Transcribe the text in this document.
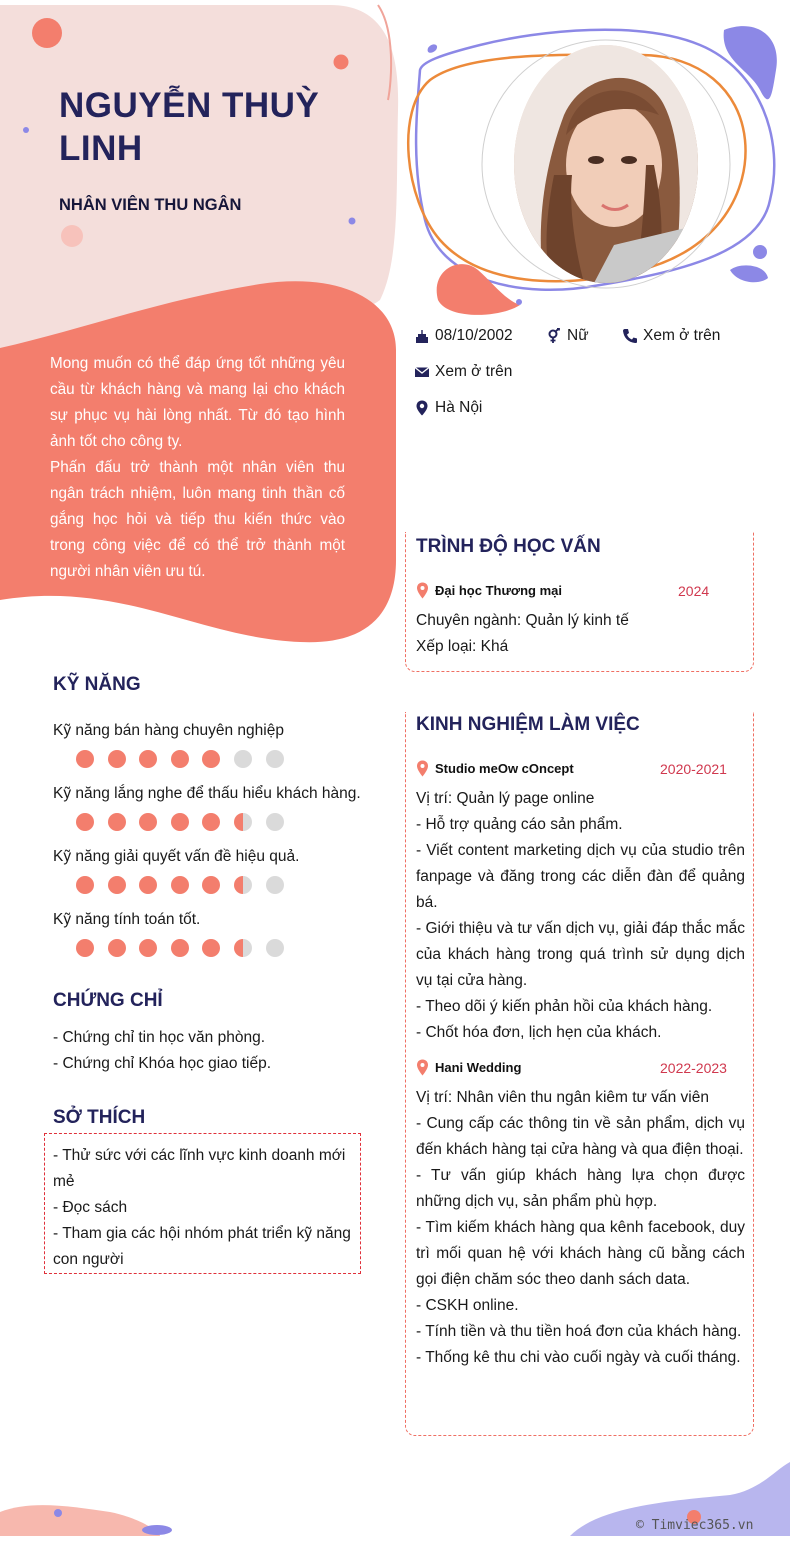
NGUYỄN THUỲ LINH
NHÂN VIÊN THU NGÂN

Mong muốn có thể đáp ứng tốt những yêu cầu từ khách hàng và mang lại cho khách sự phục vụ hài lòng nhất. Từ đó tạo hình ảnh tốt cho công ty.

Phấn đấu trở thành một nhân viên thu ngân trách nhiệm, luôn mang tinh thần cố gắng học hỏi và tiếp thu kiến thức vào trong công việc để có thể trở thành một người nhân viên ưu tú.

08/10/2002	Nữ	Xem ở trên
Xem ở trên
Hà Nội
KỸ NĂNG
Kỹ năng bán hàng chuyên nghiệp
Kỹ năng lắng nghe để thấu hiểu khách hàng.
Kỹ năng giải quyết vấn đề hiệu quả.
Kỹ năng tính toán tốt.
CHỨNG CHỈ
- Chứng chỉ tin học văn phòng.
- Chứng chỉ Khóa học giao tiếp.
SỞ THÍCH
- Thử sức với các lĩnh vực kinh doanh mới mẻ
- Đọc sách
- Tham gia các hội nhóm phát triển kỹ năng con người
TRÌNH ĐỘ HỌC VẤN
Đại học Thương mại	2024
Chuyên ngành: Quản lý kinh tế
Xếp loại: Khá
KINH NGHIỆM LÀM VIỆC
Studio meOw cOncept	2020-2021
Vị trí: Quản lý page online
- Hỗ trợ quảng cáo sản phẩm.
- Viết content marketing dịch vụ của studio trên fanpage và đăng trong các diễn đàn để quảng bá.
- Giới thiệu và tư vấn dịch vụ, giải đáp thắc mắc của khách hàng trong quá trình sử dụng dịch vụ tại cửa hàng.
- Theo dõi ý kiến phản hồi của khách hàng.
- Chốt hóa đơn, lịch hẹn của khách.
Hani Wedding	2022-2023
Vị trí: Nhân viên thu ngân kiêm tư vấn viên
- Cung cấp các thông tin về sản phẩm, dịch vụ đến khách hàng tại cửa hàng và qua điện thoại.
- Tư vấn giúp khách hàng lựa chọn được những dịch vụ, sản phẩm phù hợp.
- Tìm kiếm khách hàng qua kênh facebook, duy trì mối quan hệ với khách hàng cũ bằng cách gọi điện chăm sóc theo danh sách data.
- CSKH online.
- Tính tiền và thu tiền hoá đơn của khách hàng.
- Thống kê thu chi vào cuối ngày và cuối tháng.
© Timviec365.vn
